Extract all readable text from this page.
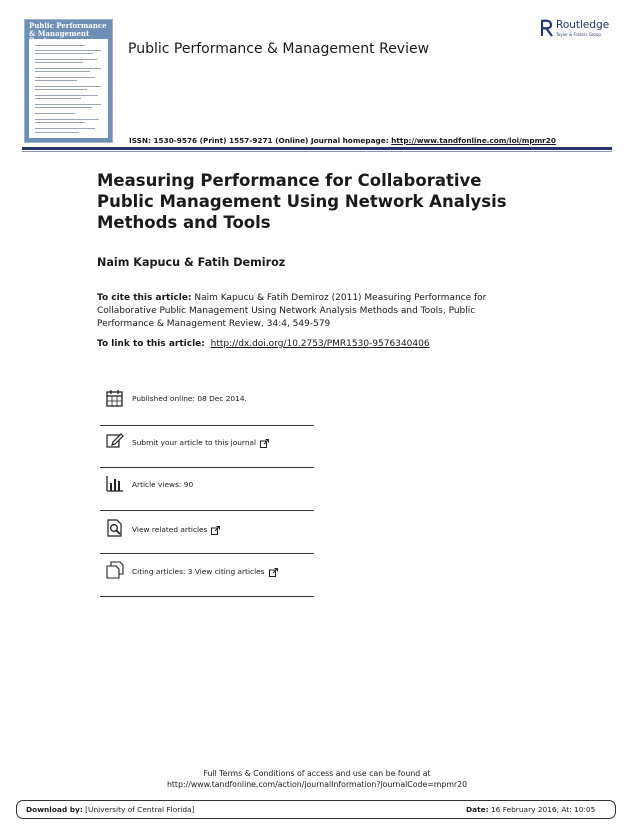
Public Performance & Management
Public Performance & Management Review
Routledge
Taylor & Francis Group
ISSN: 1530-9576 (Print) 1557-9271 (Online) Journal homepage: http://www.tandfonline.com/loi/mpmr20
Measuring Performance for Collaborative Public Management Using Network Analysis Methods and Tools
Naim Kapucu & Fatih Demiroz
To cite this article: Naim Kapucu & Fatih Demiroz (2011) Measuring Performance for Collaborative Public Management Using Network Analysis Methods and Tools, Public Performance & Management Review, 34:4, 549-579
To link to this article: http://dx.doi.org/10.2753/PMR1530-9576340406
Published online: 08 Dec 2014.
Submit your article to this journal
Article views: 90
View related articles
Citing articles: 3 View citing articles
Full Terms & Conditions of access and use can be found at
http://www.tandfonline.com/action/journalInformation?journalCode=mpmr20
Download by: [University of Central Florida]	Date: 16 February 2016, At: 10:05
